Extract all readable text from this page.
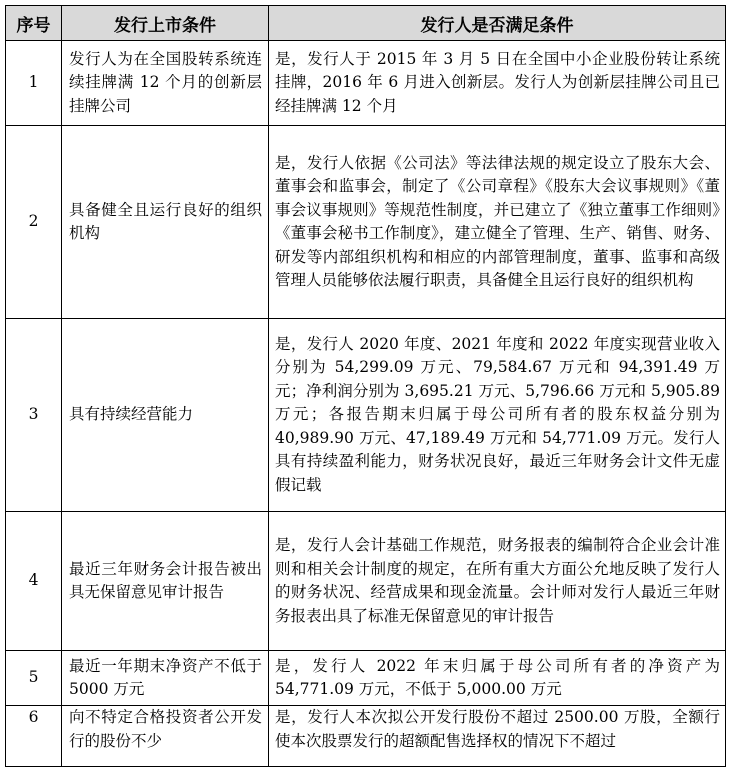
序号	发行上市条件	发行人是否满足条件
1	发行人为在全国股转系统连续挂牌满 12 个月的创新层挂牌公司	是，发行人于 2015 年 3 月 5 日在全国中小企业股份转让系统挂牌，2016 年 6 月进入创新层。发行人为创新层挂牌公司且已经挂牌满 12 个月
2	具备健全且运行良好的组织机构	是，发行人依据《公司法》等法律法规的规定设立了股东大会、董事会和监事会，制定了《公司章程》《股东大会议事规则》《董事会议事规则》等规范性制度，并已建立了《独立董事工作细则》《董事会秘书工作制度》，建立健全了管理、生产、销售、财务、研发等内部组织机构和相应的内部管理制度，董事、监事和高级管理人员能够依法履行职责，具备健全且运行良好的组织机构
3	具有持续经营能力	是，发行人 2020 年度、2021 年度和 2022 年度实现营业收入分别为 54,299.09 万元、79,584.67 万元和 94,391.49 万元；净利润分别为 3,695.21 万元、5,796.66 万元和 5,905.89 万元；各报告期末归属于母公司所有者的股东权益分别为 40,989.90 万元、47,189.49 万元和 54,771.09 万元。发行人具有持续盈利能力，财务状况良好，最近三年财务会计文件无虚假记载
4	最近三年财务会计报告被出具无保留意见审计报告	是，发行人会计基础工作规范，财务报表的编制符合企业会计准则和相关会计制度的规定，在所有重大方面公允地反映了发行人的财务状况、经营成果和现金流量。会计师对发行人最近三年财务报表出具了标准无保留意见的审计报告
5	最近一年期末净资产不低于 5000 万元	是，发行人 2022 年末归属于母公司所有者的净资产为 54,771.09 万元，不低于 5,000.00 万元
6	向不特定合格投资者公开发行的股份不少	是，发行人本次拟公开发行股份不超过 2500.00 万股，全额行使本次股票发行的超额配售选择权的情况下不超过
